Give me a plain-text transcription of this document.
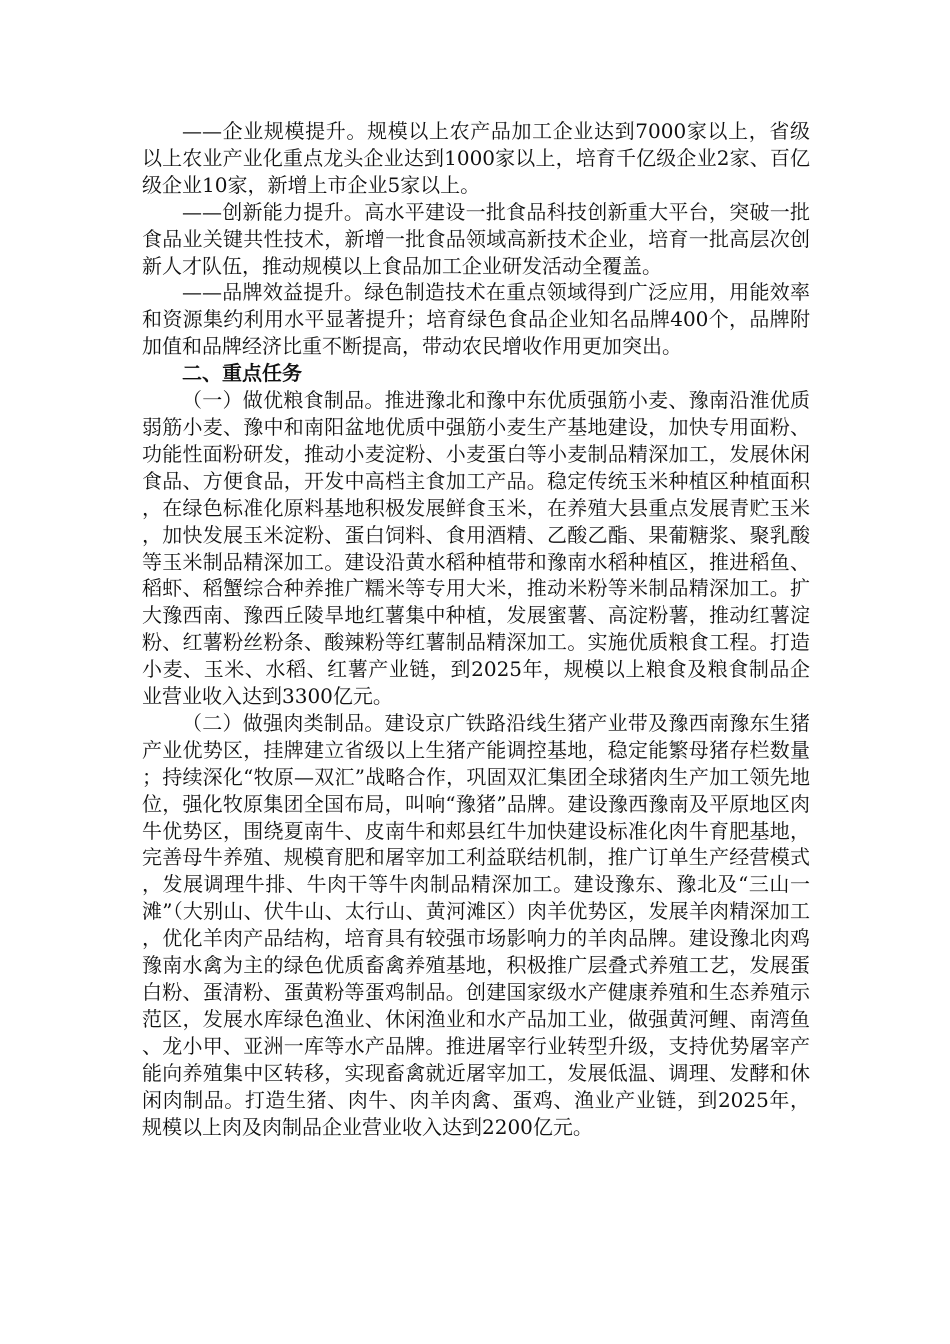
——企业规模提升。规模以上农产品加工企业达到7000家以上，省级以上农业产业化重点龙头企业达到1000家以上，培育千亿级企业2家、百亿级企业10家，新增上市企业5家以上。

——创新能力提升。高水平建设一批食品科技创新重大平台，突破一批食品业关键共性技术，新增一批食品领域高新技术企业，培育一批高层次创新人才队伍，推动规模以上食品加工企业研发活动全覆盖。

——品牌效益提升。绿色制造技术在重点领域得到广泛应用，用能效率和资源集约利用水平显著提升；培育绿色食品企业知名品牌400个，品牌附加值和品牌经济比重不断提高，带动农民增收作用更加突出。

二、重点任务

（一）做优粮食制品。推进豫北和豫中东优质强筋小麦、豫南沿淮优质弱筋小麦、豫中和南阳盆地优质中强筋小麦生产基地建设，加快专用面粉、功能性面粉研发，推动小麦淀粉、小麦蛋白等小麦制品精深加工，发展休闲食品、方便食品，开发中高档主食加工产品。稳定传统玉米种植区种植面积，在绿色标准化原料基地积极发展鲜食玉米，在养殖大县重点发展青贮玉米，加快发展玉米淀粉、蛋白饲料、食用酒精、乙酸乙酯、果葡糖浆、聚乳酸等玉米制品精深加工。建设沿黄水稻种植带和豫南水稻种植区，推进稻鱼、稻虾、稻蟹综合种养推广糯米等专用大米，推动米粉等米制品精深加工。扩大豫西南、豫西丘陵旱地红薯集中种植，发展蜜薯、高淀粉薯，推动红薯淀粉、红薯粉丝粉条、酸辣粉等红薯制品精深加工。实施优质粮食工程。打造小麦、玉米、水稻、红薯产业链，到2025年，规模以上粮食及粮食制品企业营业收入达到3300亿元。

（二）做强肉类制品。建设京广铁路沿线生猪产业带及豫西南豫东生猪产业优势区，挂牌建立省级以上生猪产能调控基地，稳定能繁母猪存栏数量；持续深化“牧原—双汇”战略合作，巩固双汇集团全球猪肉生产加工领先地位，强化牧原集团全国布局，叫响“豫猪”品牌。建设豫西豫南及平原地区肉牛优势区，围绕夏南牛、皮南牛和郏县红牛加快建设标准化肉牛育肥基地，完善母牛养殖、规模育肥和屠宰加工利益联结机制，推广订单生产经营模式，发展调理牛排、牛肉干等牛肉制品精深加工。建设豫东、豫北及“三山一滩”（大别山、伏牛山、太行山、黄河滩区）肉羊优势区，发展羊肉精深加工，优化羊肉产品结构，培育具有较强市场影响力的羊肉品牌。建设豫北肉鸡豫南水禽为主的绿色优质畜禽养殖基地，积极推广层叠式养殖工艺，发展蛋白粉、蛋清粉、蛋黄粉等蛋鸡制品。创建国家级水产健康养殖和生态养殖示范区，发展水库绿色渔业、休闲渔业和水产品加工业，做强黄河鲤、南湾鱼、龙小甲、亚洲一库等水产品牌。推进屠宰行业转型升级，支持优势屠宰产能向养殖集中区转移，实现畜禽就近屠宰加工，发展低温、调理、发酵和休闲肉制品。打造生猪、肉牛、肉羊肉禽、蛋鸡、渔业产业链，到2025年，规模以上肉及肉制品企业营业收入达到2200亿元。
